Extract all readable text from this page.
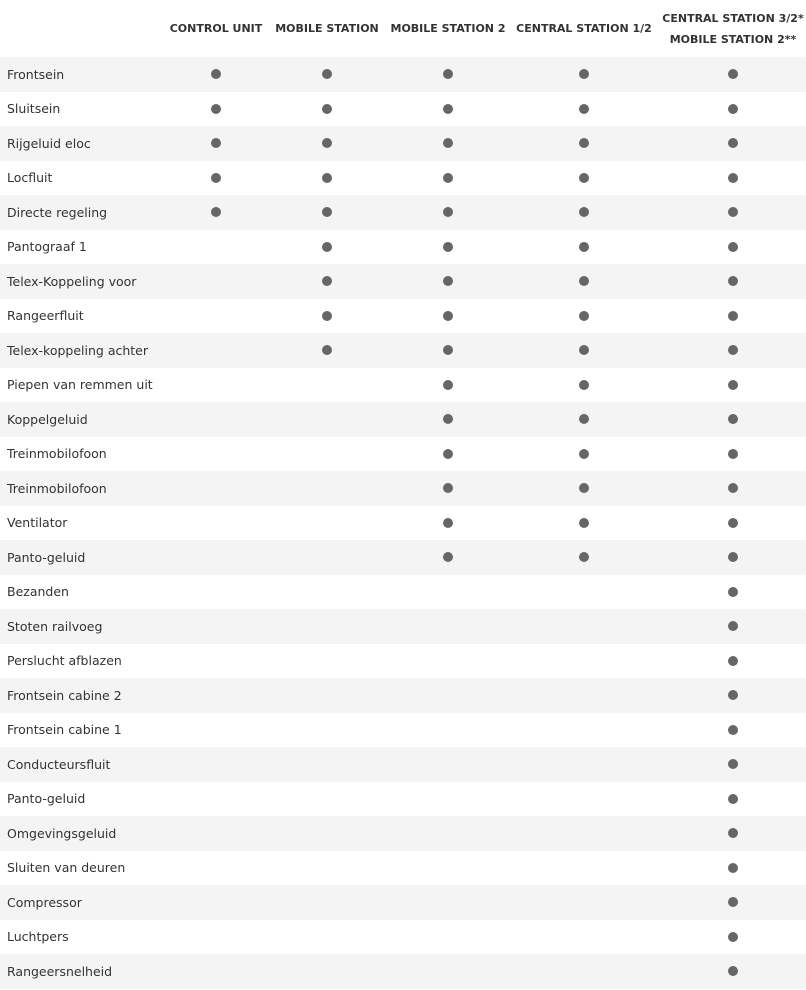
CONTROL UNIT MOBILE STATION MOBILE STATION 2 CENTRAL STATION 1/2
CENTRAL STATION 3/2*
MOBILE STATION 2**
Frontsein
Sluitsein
Rijgeluid eloc
Locfluit
Directe regeling
Pantograaf 1
Telex-Koppeling voor
Rangeerfluit
Telex-koppeling achter
Piepen van remmen uit
Koppelgeluid
Treinmobilofoon
Treinmobilofoon
Ventilator
Panto-geluid
Bezanden
Stoten railvoeg
Perslucht afblazen
Frontsein cabine 2
Frontsein cabine 1
Conducteursfluit
Panto-geluid
Omgevingsgeluid
Sluiten van deuren
Compressor
Luchtpers
Rangeersnelheid
